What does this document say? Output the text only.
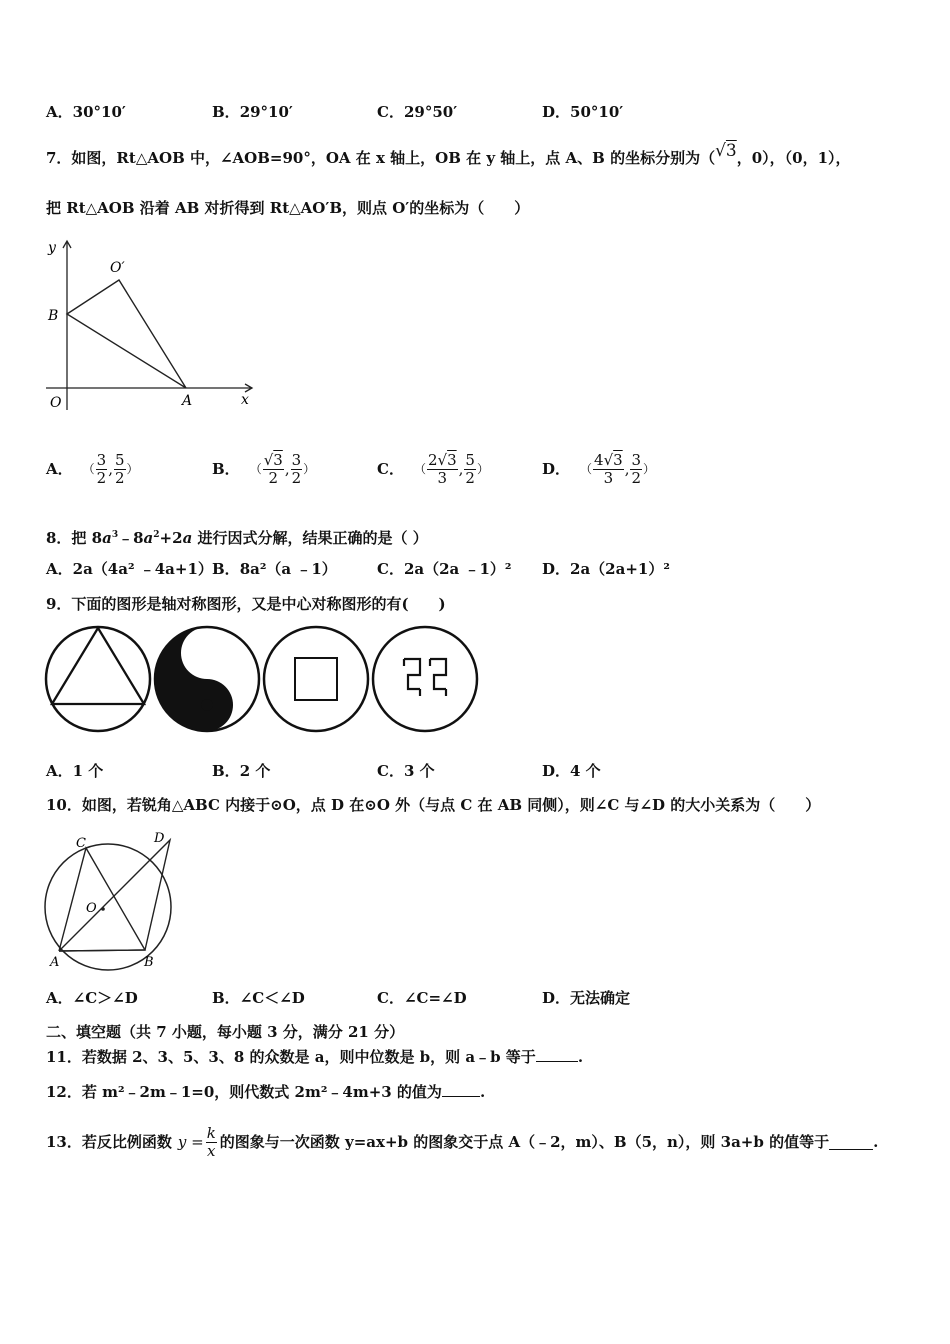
A．30°10′	B．29°10′	C．29°50′	D．50°10′
7．如图，Rt△AOB 中，∠AOB=90°，OA 在 x 轴上，OB 在 y 轴上，点 A、B 的坐标分别为（√3，0），（0，1），
把 Rt△AOB 沿着 AB 对折得到 Rt△AO′B，则点 O′的坐标为（　　）
y
O′
B
O	A	x
A． （ $\frac{3}{2}$ , $\frac{5}{2}$ ）	B． （ $\frac{√3}{2}$ , $\frac{3}{2}$ ）	C． （ $\frac{2√3}{3}$ , $\frac{5}{2}$ ）	D． （ $\frac{4√3}{3}$ , $\frac{3}{2}$ ）
8．把 $8a^3﹣8a^2+2a$ 进行因式分解，结果正确的是（ ）
A．2a（4a² ﹣4a+1） B．8a²（a ﹣1）	C．2a（2a ﹣1）² D．2a（2a+1）²
9．下面的图形是轴对称图形，又是中心对称图形的有(　　)
A．1 个	B．2 个	C．3 个	D．4 个
10．如图，若锐角△ABC 内接于⊙O，点 D 在⊙O 外（与点 C 在 AB 同侧），则∠C 与∠D 的大小关系为（　　）
C	D
O
A	B
A．∠C＞∠D	B．∠C＜∠D	C．∠C=∠D	D．无法确定
二、填空题（共 7 小题，每小题 3 分，满分 21 分）
11．若数据 2、3、5、3、8 的众数是 a，则中位数是 b，则 a﹣b 等于	.
12．若 m²﹣2m﹣1=0，则代数式 2m²﹣4m+3 的值为	.
13．若反比例函数 $y = \frac{k}{x}$ 的图象与一次函数 y=ax+b 的图象交于点 A（﹣2，m）、B（5，n），则 3a+b 的值等于	.
